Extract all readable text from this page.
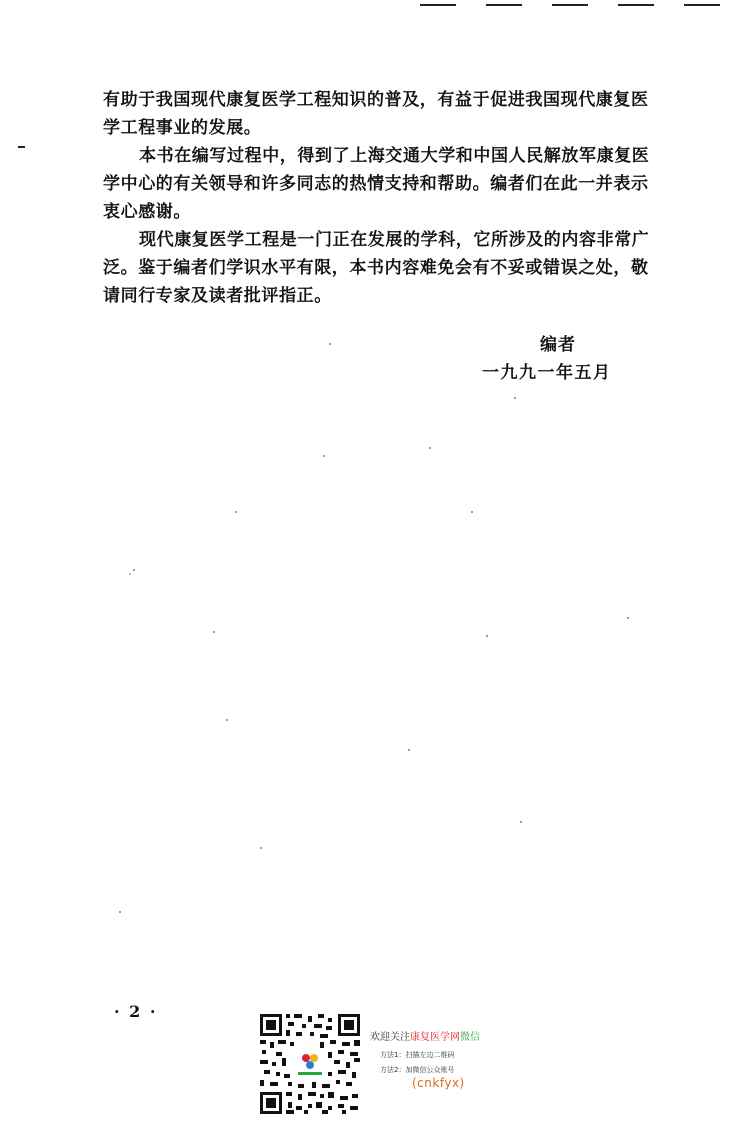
有助于我国现代康复医学工程知识的普及，有益于促进我国现代康复医学工程事业的发展。

本书在编写过程中，得到了上海交通大学和中国人民解放军康复医学中心的有关领导和许多同志的热情支持和帮助。编者们在此一并表示衷心感谢。

现代康复医学工程是一门正在发展的学科，它所涉及的内容非常广泛。鉴于编者们学识水平有限，本书内容难免会有不妥或错误之处，敬请同行专家及读者批评指正。

编者
一九九一年五月
· 2 ·
欢迎关注康复医学网微信
方法1：扫描左边二维码
方法2：加微信公众账号
(cnkfyx)
